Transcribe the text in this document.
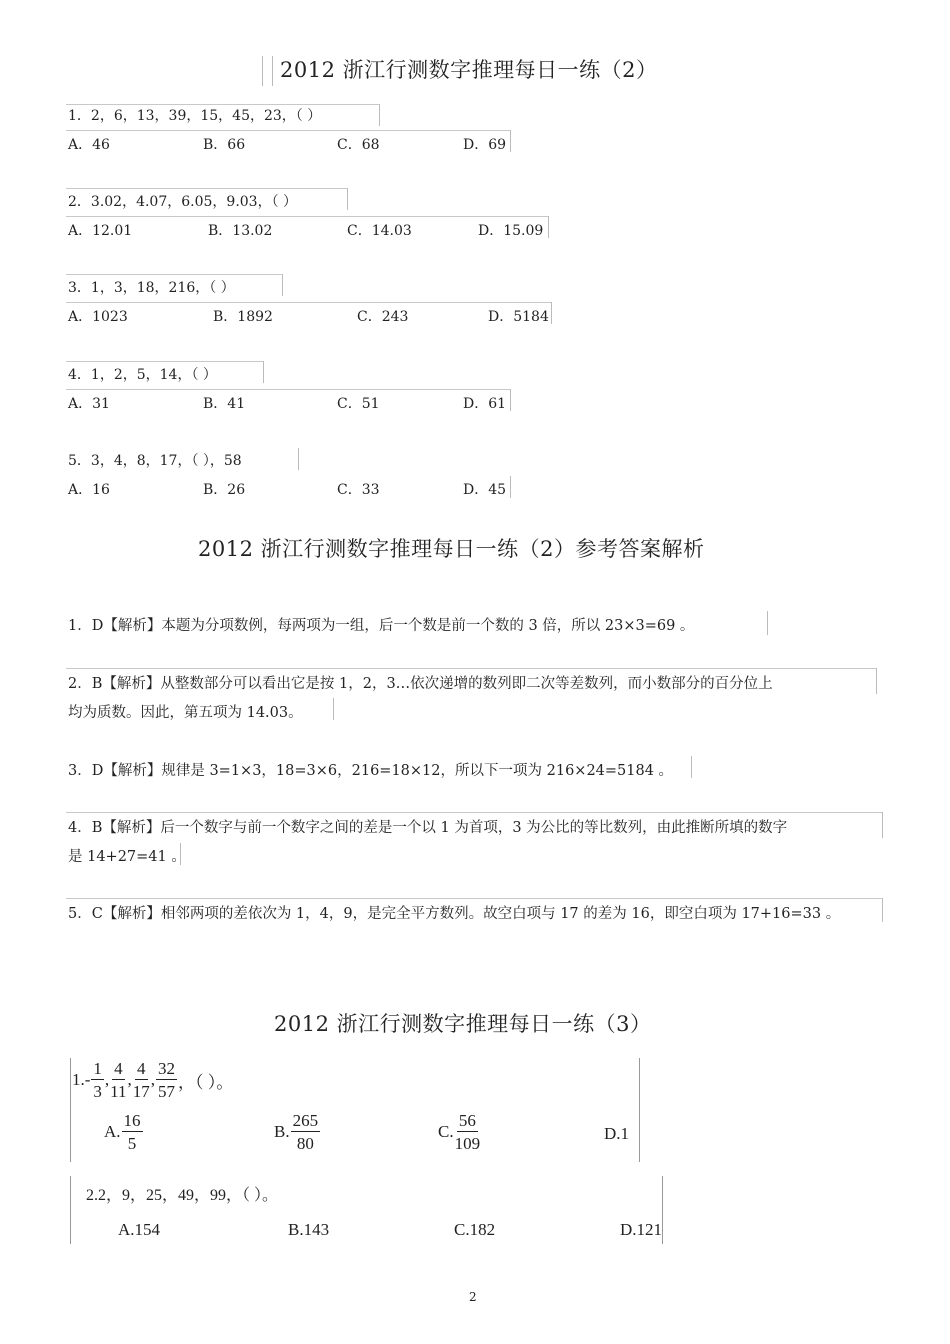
2012 浙江行测数字推理每日一练（2）
1．2，6，13，39，15，45，23，（ ）
A．46	B．66	C．68	D．69
2．3.02，4.07，6.05，9.03，（ ）
A．12.01	B．13.02	C．14.03	D．15.09
3．1，3，18，216，（ ）
A．1023	B．1892	C．243	D．5184
4．1，2，5，14，（ ）
A．31	B．41	C．51	D．61
5．3，4，8，17，（ ），58
A．16	B．26	C．33	D．45
2012 浙江行测数字推理每日一练（2）参考答案解析
1．D【解析】本题为分项数例，每两项为一组，后一个数是前一个数的 3 倍，所以 23×3=69 。
2．B【解析】从整数部分可以看出它是按 1，2，3…依次递增的数列即二次等差数列，而小数部分的百分位上
均为质数。因此，第五项为 14.03。
3．D【解析】规律是 3=1×3，18=3×6，216=18×12，所以下一项为 216×24=5184 。
4．B【解析】后一个数字与前一个数字之间的差是一个以 1 为首项，3 为公比的等比数列，由此推断所填的数字
是 14+27=41 。
5．C【解析】相邻两项的差依次为 1，4，9，是完全平方数列。故空白项与 17 的差为 16，即空白项为 17+16=33 。
2012 浙江行测数字推理每日一练（3）
$1.- \frac{1}{3}$ , $\frac{4}{11}$ , $\frac{4}{17}$ , $\frac{32}{57}$ ，（ ）。
A. $\frac{16}{5}$	B. $\frac{265}{80}$	C. $\frac{56}{109}$	D.1
2.2，9，25，49，99，（ ）。
A.154	B.143	C.182	D.121
2
